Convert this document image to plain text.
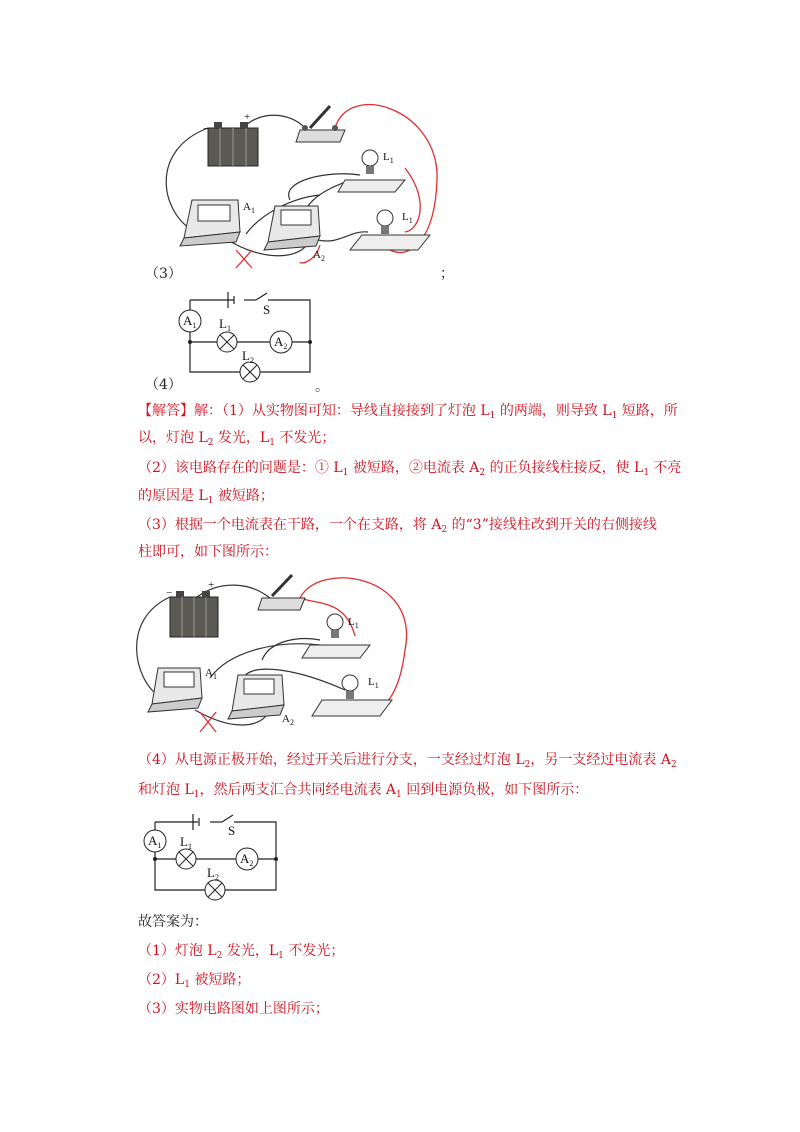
−
+
$L_1$
$L_1$
$A_1$
$A_2$
（3）	；
$A_1$ $L_1$
$A_2$
$L_2$
S
（4）	。
【解答】解：（1）从实物图可知：导线直接接到了灯泡 $L_1$ 的两端，则导致 $L_1$ 短路，所
以，灯泡 $L_2$ 发光，$L_1$ 不发光；
（2）该电路存在的问题是：① $L_1$ 被短路，②电流表 $A_2$ 的正负接线柱接反，使 $L_1$ 不亮
的原因是 $L_1$ 被短路；
（3）根据一个电流表在干路，一个在支路，将 $A_2$ 的“3”接线柱改到开关的右侧接线
柱即可，如下图所示：
−
+
$L_1$
$L_1$
$A_1$
$A_2$
（4）从电源正极开始，经过开关后进行分支，一支经过灯泡 $L_2$，另一支经过电流表 $A_2$
和灯泡 $L_1$，然后两支汇合共同经电流表 $A_1$ 回到电源负极，如下图所示：
$A_1$ $L_1$
$A_2$
$L_2$
S
故答案为：
（1）灯泡 $L_2$ 发光，$L_1$ 不发光；
$(2)L_1$ 被短路；
（3）实物电路图如上图所示；
